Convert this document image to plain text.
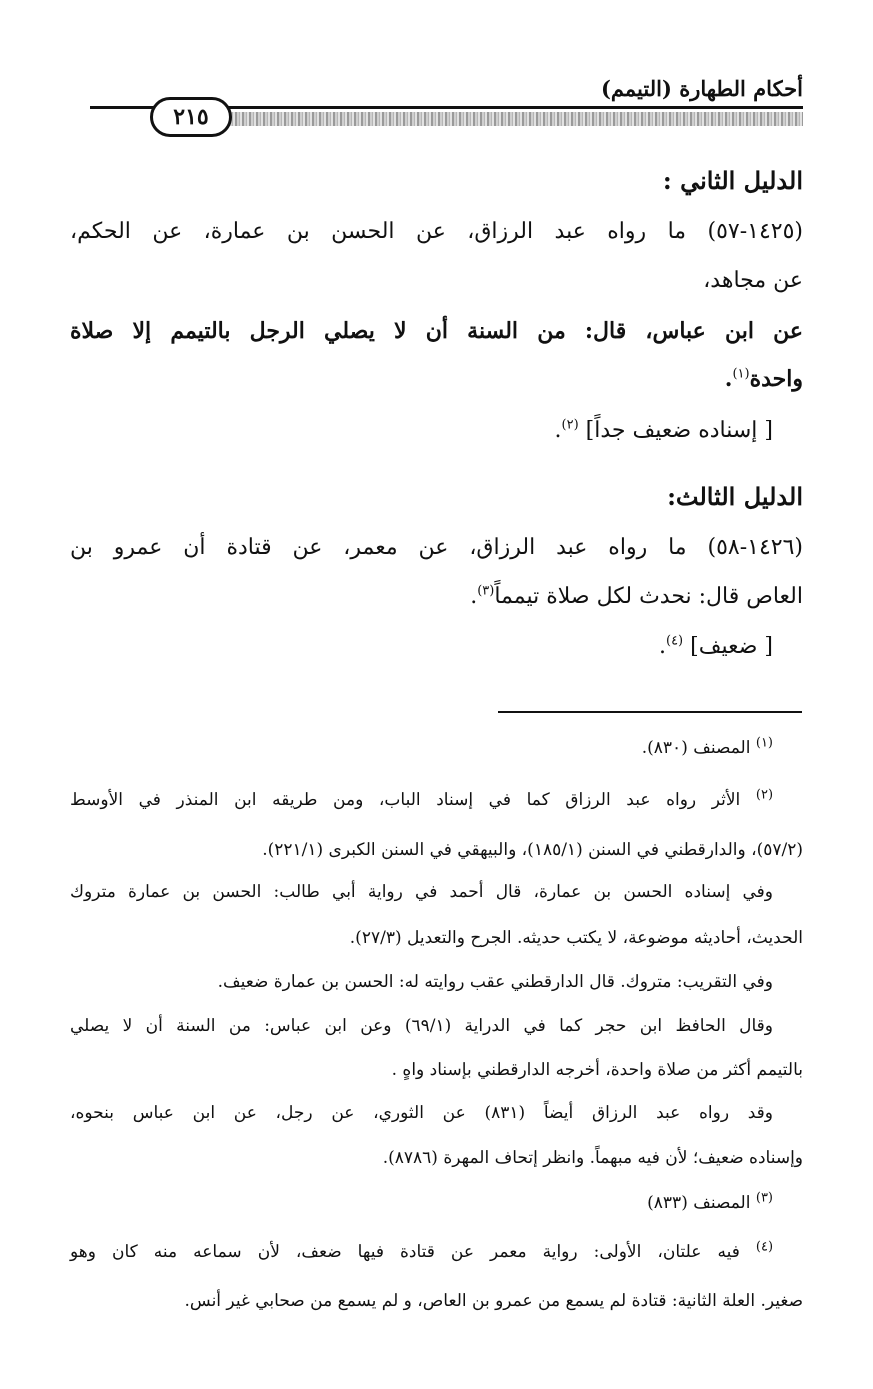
أحكام الطهارة (التيمم)
٢١٥
الدليل الثاني :
(١٤٢٥-٥٧) ما رواه عبد الرزاق، عن الحسن بن عمارة، عن الحكم،
عن مجاهد،
عن ابن عباس، قال: من السنة أن لا يصلي الرجل بالتيمم إلا صلاة
واحدة$^{(١)}$.
[ إسناده ضعيف جداً] $^{(٢)}$.
الدليل الثالث:
(١٤٢٦-٥٨) ما رواه عبد الرزاق، عن معمر، عن قتادة أن عمرو بن
العاص قال: نحدث لكل صلاة تيمماً$^{(٣)}$.
[ ضعيف] $^{(٤)}$.
$^{(١)}$ المصنف (٨٣٠).
$^{(٢)}$ الأثر رواه عبد الرزاق كما في إسناد الباب، ومن طريقه ابن المنذر في الأوسط
(٥٧/٢)، والدارقطني في السنن (١٨٥/١)، والبيهقي في السنن الكبرى (٢٢١/١).
وفي إسناده الحسن بن عمارة، قال أحمد في رواية أبي طالب: الحسن بن عمارة متروك
الحديث، أحاديثه موضوعة، لا يكتب حديثه. الجرح والتعديل (٢٧/٣).
وفي التقريب: متروك. قال الدارقطني عقب روايته له: الحسن بن عمارة ضعيف.
وقال الحافظ ابن حجر كما في الدراية (٦٩/١) وعن ابن عباس: من السنة أن لا يصلي
بالتيمم أكثر من صلاة واحدة، أخرجه الدارقطني بإسناد واهٍ .
وقد رواه عبد الرزاق أيضاً (٨٣١) عن الثوري، عن رجل، عن ابن عباس بنحوه،
وإسناده ضعيف؛ لأن فيه مبهماً. وانظر إتحاف المهرة (٨٧٨٦).
$^{(٣)}$ المصنف (٨٣٣)
$^{(٤)}$ فيه علتان، الأولى: رواية معمر عن قتادة فيها ضعف، لأن سماعه منه كان وهو
صغير. العلة الثانية: قتادة لم يسمع من عمرو بن العاص، و لم يسمع من صحابي غير أنس.
